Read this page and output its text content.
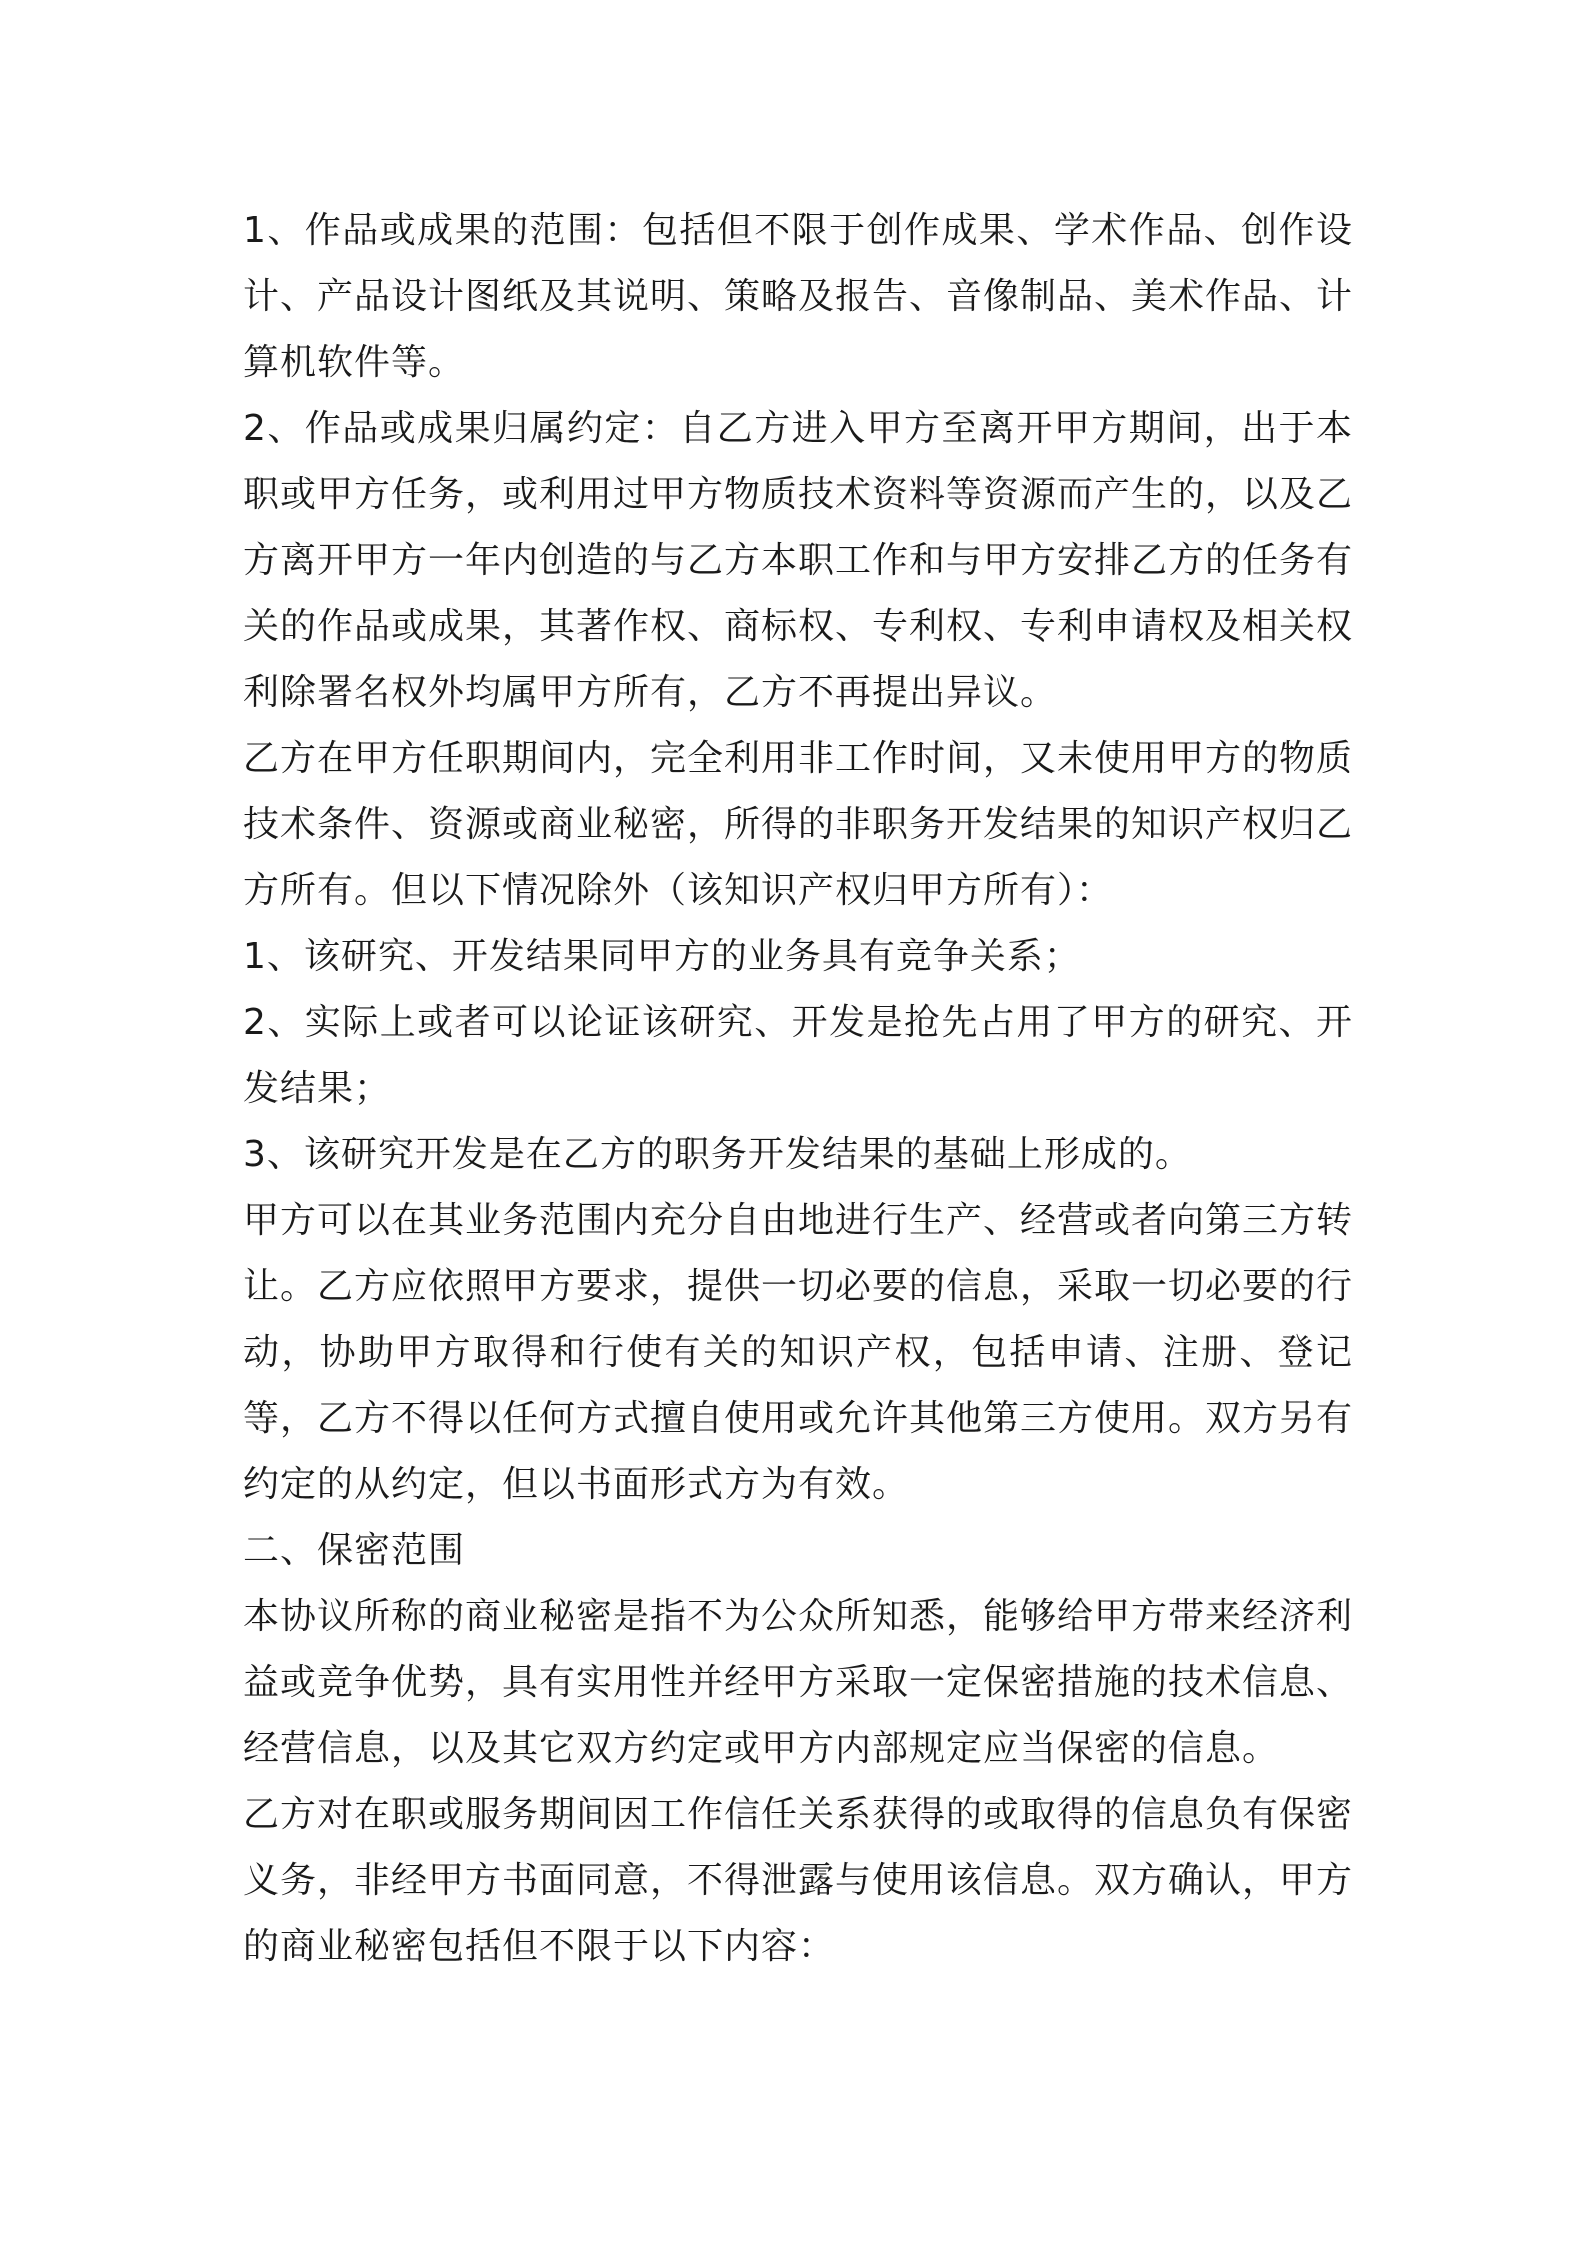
1、作品或成果的范围：包括但不限于创作成果、学术作品、创作设计、产品设计图纸及其说明、策略及报告、音像制品、美术作品、计算机软件等。

2、作品或成果归属约定：自乙方进入甲方至离开甲方期间，出于本职或甲方任务，或利用过甲方物质技术资料等资源而产生的，以及乙方离开甲方一年内创造的与乙方本职工作和与甲方安排乙方的任务有关的作品或成果，其著作权、商标权、专利权、专利申请权及相关权利除署名权外均属甲方所有，乙方不再提出异议。

乙方在甲方任职期间内，完全利用非工作时间，又未使用甲方的物质技术条件、资源或商业秘密，所得的非职务开发结果的知识产权归乙方所有。但以下情况除外（该知识产权归甲方所有）：

1、该研究、开发结果同甲方的业务具有竞争关系；

2、实际上或者可以论证该研究、开发是抢先占用了甲方的研究、开发结果；

3、该研究开发是在乙方的职务开发结果的基础上形成的。

甲方可以在其业务范围内充分自由地进行生产、经营或者向第三方转让。乙方应依照甲方要求，提供一切必要的信息，采取一切必要的行动，协助甲方取得和行使有关的知识产权，包括申请、注册、登记等，乙方不得以任何方式擅自使用或允许其他第三方使用。双方另有约定的从约定，但以书面形式方为有效。

二、保密范围

本协议所称的商业秘密是指不为公众所知悉，能够给甲方带来经济利益或竞争优势，具有实用性并经甲方采取一定保密措施的技术信息、经营信息，以及其它双方约定或甲方内部规定应当保密的信息。

乙方对在职或服务期间因工作信任关系获得的或取得的信息负有保密义务，非经甲方书面同意，不得泄露与使用该信息。双方确认，甲方的商业秘密包括但不限于以下内容：
